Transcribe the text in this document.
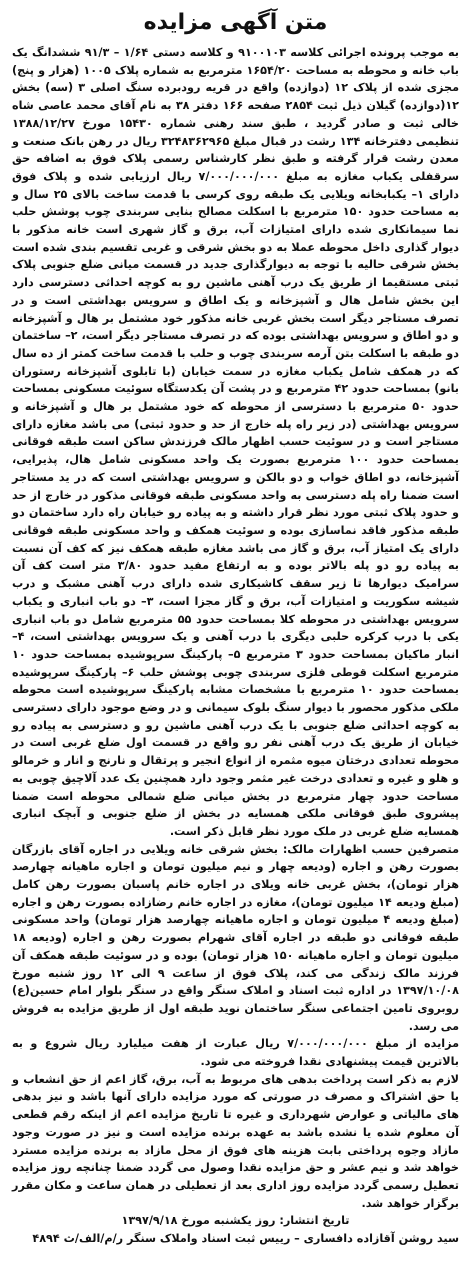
متن آگهی مزایده

به موجب پرونده اجرائی کلاسه ۹۱۰۰۱۰۳ و کلاسه دستی ۱/۶۴ – ۹۱/۳ ششدانگ یک باب خانه و محوطه به مساحت ۱۶۵۴/۲۰ مترمربع به شماره پلاک ۱۰۰۵ (هزار و پنج) مجزی شده از پلاک ۱۲ (دوازده) واقع در قریه رودبرده سنگ اصلی ۳ (سه) بخش ۱۲(دوازده) گیلان ذیل ثبت ۲۸۵۴ صفحه ۱۶۶ دفتر ۳۸ به نام آقای محمد عاصی شاه خالی ثبت و صادر گردید ، طبق سند رهنی شماره ۱۵۴۳۰ مورخ ۱۳۸۸/۱۲/۲۷ تنظیمی دفترخانه ۱۳۴ رشت در قبال مبلغ ۳۲۴۸۳۶۲۹۶۵ ریال در رهن بانک صنعت و معدن رشت قرار گرفته و طبق نظر کارشناس رسمی پلاک فوق به اضافه حق سرقفلی یکباب مغازه به مبلغ ۷/۰۰۰/۰۰۰/۰۰۰ ریال ارزیابی شده و پلاک فوق دارای ۱– یکبابخانه ویلایی یک طبقه روی کرسی با قدمت ساخت بالای ۲۵ سال و به مساحت حدود ۱۵۰ مترمربع با اسکلت مصالح بنایی سربندی چوب پوشش حلب نما سیمانکاری شده دارای امتیازات آب، برق و گاز شهری است خانه مذکور با دیوار گذاری داخل محوطه عملا به دو بخش شرقی و غربی تقسیم بندی شده است بخش شرقی حالیه با توجه به دیوارگذاری جدید در قسمت میانی ضلع جنوبی پلاک ثبتی مستقیما از طریق یک درب آهنی ماشین رو به کوچه احداثی دسترسی دارد این بخش شامل هال و آشپزخانه و یک اطاق و سرویس بهداشتی است و در تصرف مستاجر دیگر است بخش غربی خانه مذکور خود مشتمل بر هال و آشپزخانه و دو اطاق و سرویس بهداشتی بوده که در تصرف مستاجر دیگر است، ۲– ساختمان دو طبقه با اسکلت بتن آرمه سربندی چوب و حلب با قدمت ساخت کمتر از ده سال که در همکف شامل یکباب مغازه در سمت خیابان (با تابلوی آشپزخانه رستوران بانو) بمساحت حدود ۴۲ مترمربع و در پشت آن یکدستگاه سوئیت مسکونی بمساحت حدود ۵۰ مترمربع با دسترسی از محوطه که خود مشتمل بر هال و آشپزخانه و سرویس بهداشتی (در زیر راه پله خارج از حد و حدود ثبتی) می باشد مغازه دارای مستاجر است و در سوئیت حسب اظهار مالک فرزندش ساکن است طبقه فوقانی بمساحت حدود ۱۰۰ مترمربع بصورت یک واحد مسکونی شامل هال، پذیرایی، آشپزخانه، دو اطاق خواب و دو بالکن و سرویس بهداشتی است که در ید مستاجر است ضمنا راه پله دسترسی به واحد مسکونی طبقه فوقانی مذکور در خارج از حد و حدود پلاک ثبتی مورد نظر قرار داشته و به پیاده رو خیابان راه دارد ساختمان دو طبقه مذکور فاقد نماسازی بوده و سوئیت همکف و واحد مسکونی طبقه فوقانی دارای یک امتیاز آب، برق و گاز می باشد مغازه طبقه همکف نیز که کف آن نسبت به پیاده رو دو پله بالاتر بوده و به ارتفاع مفید حدود ۳/۸۰ متر است کف آن سرامیک دیوارها تا زیر سقف کاشیکاری شده دارای درب آهنی مشبک و درب شیشه سکوریت و امتیازات آب، برق و گاز مجزا است، ۳– دو باب انباری و یکباب سرویس بهداشتی در محوطه کلا بمساحت حدود ۵۵ مترمربع شامل دو باب انباری یکی با درب کرکره حلبی دیگری با درب آهنی و یک سرویس بهداشتی است، ۴– انبار ماکیان بمساحت حدود ۳ مترمربع ۵– پارکینگ سرپوشیده بمساحت حدود ۱۰ مترمربع اسکلت قوطی فلزی سربندی چوبی پوشش حلب ۶– پارکینگ سرپوشیده بمساحت حدود ۱۰ مترمربع با مشخصات مشابه پارکینگ سرپوشیده است محوطه ملکی مذکور محصور با دیوار سنگ بلوک سیمانی و در وضع موجود دارای دسترسی به کوچه احداثی ضلع جنوبی با یک درب آهنی ماشین رو و دسترسی به پیاده رو خیابان از طریق یک درب آهنی نفر رو واقع در قسمت اول ضلع غربی است در محوطه تعدادی درختان میوه مثمره از انواع انجیر و پرتقال و نارنج و انار و خرمالو و هلو و غیره و تعدادی درخت غیر مثمر وجود دارد همچنین یک عدد آلاچیق چوبی به مساحت حدود چهار مترمربع در بخش میانی ضلع شمالی محوطه است ضمنا پیشروی طبق فوقانی ملکی همسایه در بخش از ضلع جنوبی و آبچک انباری همسایه ضلع غربی در ملک مورد نظر قابل ذکر است.

متصرفین حسب اظهارات مالک: بخش شرقی خانه ویلایی در اجاره آقای بازرگان بصورت رهن و اجاره (ودیعه چهار و نیم میلیون تومان و اجاره ماهیانه چهارصد هزار تومان)، بخش غربی خانه ویلای در اجاره خانم پاسبان بصورت رهن کامل (مبلغ ودیعه ۱۴ میلیون تومان)، مغازه در اجاره خانم رضازاده بصورت رهن و اجاره (مبلغ ودیعه ۴ میلیون تومان و اجاره ماهیانه چهارصد هزار تومان) واحد مسکونی طبقه فوقانی دو طبقه در اجاره آقای شهرام بصورت رهن و اجاره (ودیعه ۱۸ میلیون تومان و اجاره ماهیانه ۱۵۰ هزار تومان) بوده و در سوئیت طبقه همکف آن فرزند مالک زندگی می کند، پلاک فوق از ساعت ۹ الی ۱۲ روز شنبه مورخ ۱۳۹۷/۱۰/۰۸ در اداره ثبت اسناد و املاک سنگر واقع در سنگر بلوار امام حسین(ع) روبروی تامین اجتماعی سنگر ساختمان نوید طبقه اول از طریق مزایده به فروش می رسد.

مزایده از مبلغ ۷/۰۰۰/۰۰۰/۰۰۰ ریال عبارت از هفت میلیارد ریال شروع و به بالاترین قیمت پیشنهادی نقدا فروخته می شود.

لازم به ذکر است پرداخت بدهی های مربوط به آب، برق، گاز اعم از حق انشعاب و یا حق اشتراک و مصرف در صورتی که مورد مزایده دارای آنها باشد و نیز بدهی های مالیاتی و عوارض شهرداری و غیره تا تاریخ مزایده اعم از اینکه رقم قطعی آن معلوم شده یا نشده باشد به عهده برنده مزایده است و نیز در صورت وجود مازاد وجوه پرداختی بابت هزینه های فوق از محل مازاد به برنده مزایده مسترد خواهد شد و نیم عشر و حق مزایده نقدا وصول می گردد ضمنا چنانچه روز مزایده تعطیل رسمی گردد مزایده روز اداری بعد از تعطیلی در همان ساعت و مکان مقرر برگزار خواهد شد.

تاریخ انتشار: روز یکشنبه مورخ ۱۳۹۷/۹/۱۸
سید روشن آقازاده دافساری – رییس ثبت اسناد واملاک سنگر ر/م/الف/ث ۴۸۹۴
